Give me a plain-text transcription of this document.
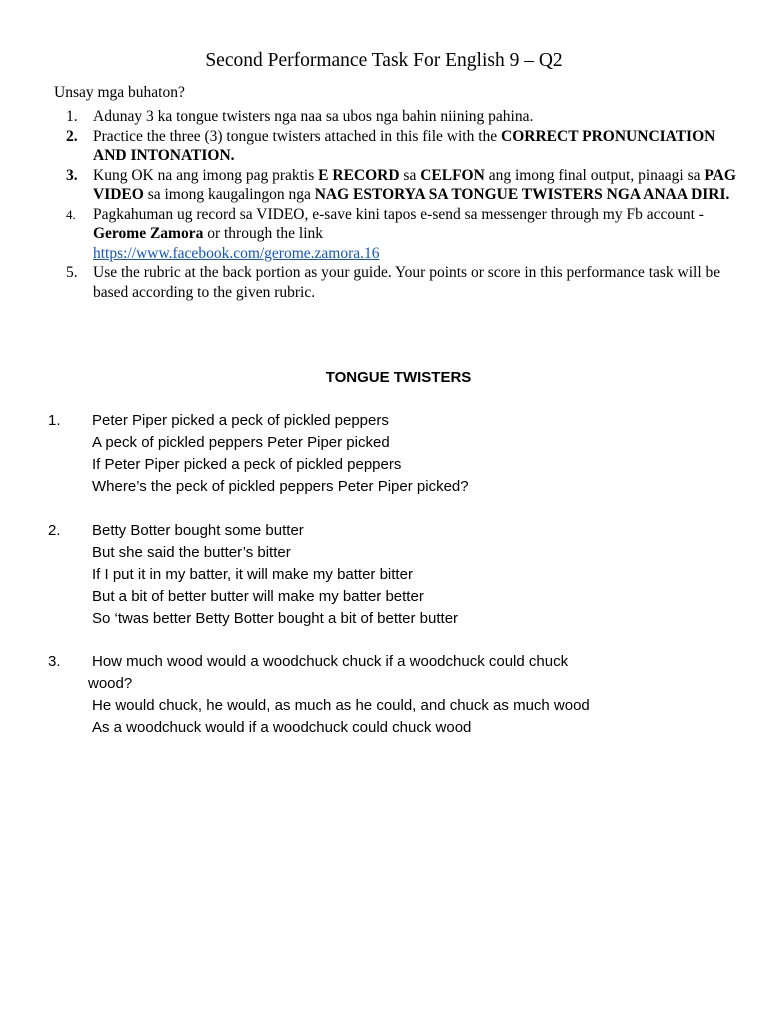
Second Performance Task For English 9 – Q2
Unsay mga buhaton?
1. Adunay 3 ka tongue twisters nga naa sa ubos nga bahin niining pahina.
2. Practice the three (3) tongue twisters attached in this file with the CORRECT PRONUNCIATION AND INTONATION.
3. Kung OK na ang imong pag praktis E RECORD sa CELFON ang imong final output, pinaagi sa PAG VIDEO sa imong kaugalingon nga NAG ESTORYA SA TONGUE TWISTERS NGA ANAA DIRI.
4. Pagkahuman ug record sa VIDEO, e-save kini tapos e-send sa messenger through my Fb account - Gerome Zamora or through the link
https://www.facebook.com/gerome.zamora.16
5. Use the rubric at the back portion as your guide. Your points or score in this performance task will be based according to the given rubric.
TONGUE TWISTERS
1. Peter Piper picked a peck of pickled peppers
A peck of pickled peppers Peter Piper picked
If Peter Piper picked a peck of pickled peppers
Where’s the peck of pickled peppers Peter Piper picked?
2. Betty Botter bought some butter
But she said the butter’s bitter
If I put it in my batter, it will make my batter bitter
But a bit of better butter will make my batter better
So ‘twas better Betty Botter bought a bit of better butter
3. How much wood would a woodchuck chuck if a woodchuck could chuck
wood?
He would chuck, he would, as much as he could, and chuck as much wood
As a woodchuck would if a woodchuck could chuck wood
